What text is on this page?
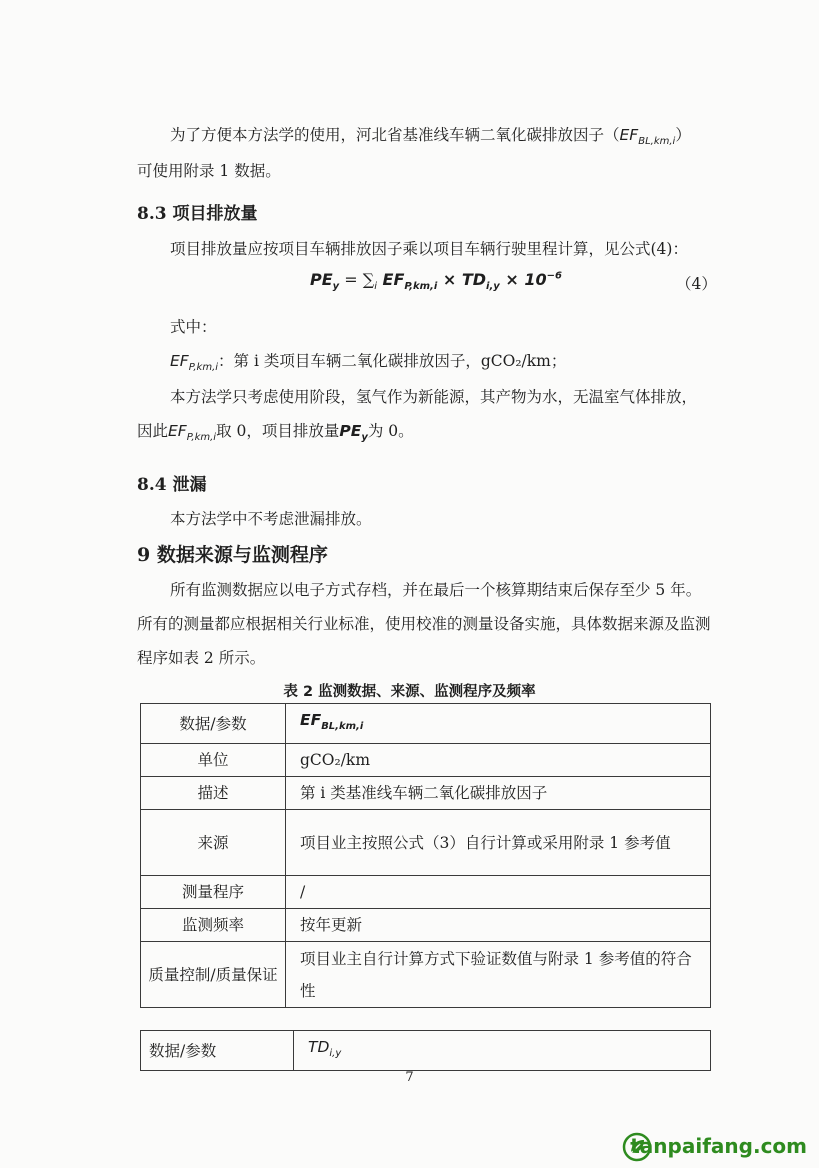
为了方便本方法学的使用，河北省基准线车辆二氧化碳排放因子$(EF_{BL,km,i})$
可使用附录 1 数据。
8.3 项目排放量
项目排放量应按项目车辆排放因子乘以项目车辆行驶里程计算，见公式(4)：
$PE_y = \sum_i$ $EF_{P,km,i} \times TD_{i,y} \times 10^{-6}$	（4）
式中：
$EF_{P,km,i}$：第 i 类项目车辆二氧化碳排放因子，gCO₂/km；
本方法学只考虑使用阶段，氢气作为新能源，其产物为水，无温室气体排放，因此$EF_{P,km,i}$取 0，项目排放量$PE_y$为 0。
8.4 泄漏
本方法学中不考虑泄漏排放。
9 数据来源与监测程序
所有监测数据应以电子方式存档，并在最后一个核算期结束后保存至少 5 年。所有的测量都应根据相关行业标准，使用校准的测量设备实施，具体数据来源及监测程序如表 2 所示。
表 2 监测数据、来源、监测程序及频率
数据/参数	$EF_{BL,km,i}$
单位	gCO₂/km
描述	第 i 类基准线车辆二氧化碳排放因子
来源	项目业主按照公式（3）自行计算或采用附录 1 参考值
测量程序	/
监测频率	按年更新
质量控制/质量保证	项目业主自行计算方式下验证数值与附录 1 参考值的符合性
数据/参数	$TD_{i,y}$
7
tanpaifang.com
